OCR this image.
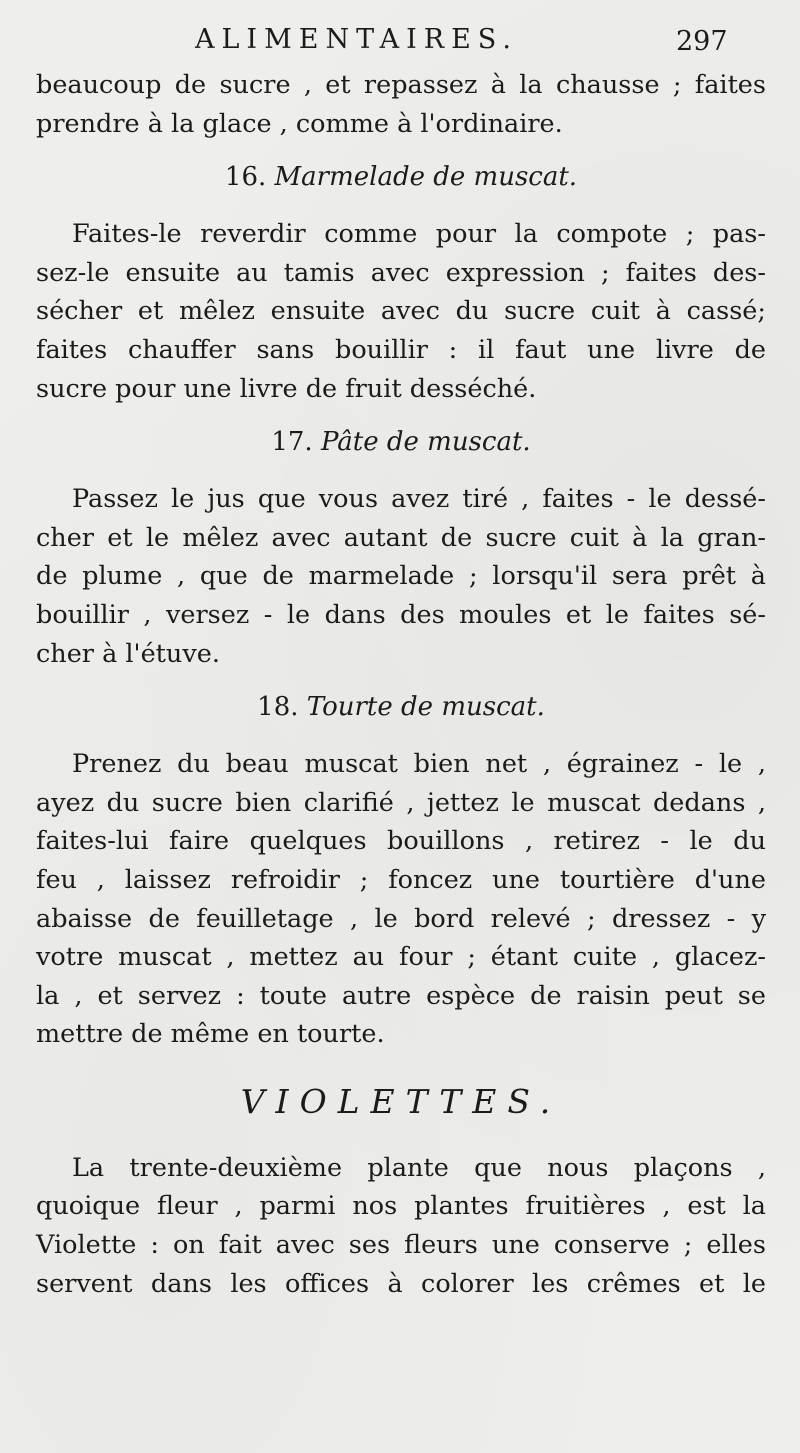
ALIMENTAIRES.	297
beaucoup de sucre , et repassez à la chausse ; faites
prendre à la glace , comme à l'ordinaire.
16. Marmelade de muscat.
Faites-le reverdir comme pour la compote ; pas-
sez-le ensuite au tamis avec expression ; faites des-
sécher et mêlez ensuite avec du sucre cuit à cassé;
faites chauffer sans bouillir : il faut une livre de
sucre pour une livre de fruit desséché.
17. Pâte de muscat.
Passez le jus que vous avez tiré , faites - le dessé-
cher et le mêlez avec autant de sucre cuit à la gran-
de plume , que de marmelade ; lorsqu'il sera prêt à
bouillir , versez - le dans des moules et le faites sé-
cher à l'étuve.
18. Tourte de muscat.
Prenez du beau muscat bien net , égrainez - le ,
ayez du sucre bien clarifié , jettez le muscat dedans ,
faites-lui faire quelques bouillons , retirez - le du
feu , laissez refroidir ; foncez une tourtière d'une
abaisse de feuilletage , le bord relevé ; dressez - y
votre muscat , mettez au four ; étant cuite , glacez-
la , et servez : toute autre espèce de raisin peut se
mettre de même en tourte.
VIOLETTES.
La trente-deuxième plante que nous plaçons ,
quoique fleur , parmi nos plantes fruitières , est la
Violette : on fait avec ses fleurs une conserve ; elles
servent dans les offices à colorer les crêmes et le
